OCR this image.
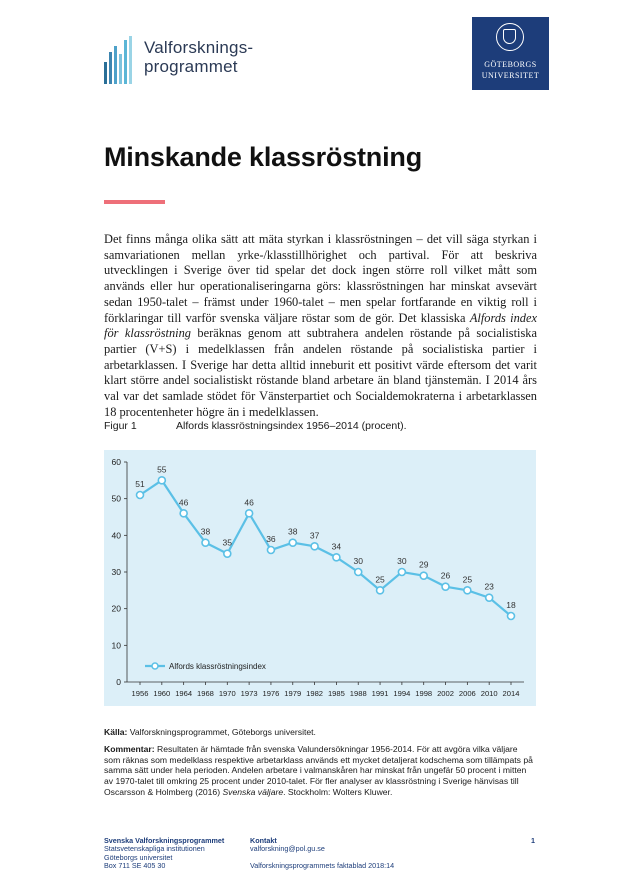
Valforsknings-
programmet	GÖTEBORGS
UNIVERSITET
Minskande klassröstning
Det finns många olika sätt att mäta styrkan i klassröstningen – det vill säga styrkan i samvariationen mellan yrke-/klasstillhörighet och partival. För att beskriva utvecklingen i Sverige över tid spelar det dock ingen större roll vilket mått som används eller hur operationaliseringarna görs: klassröstningen har minskat avsevärt sedan 1950-talet – främst under 1960-talet – men spelar fortfarande en viktig roll i förklaringar till varför svenska väljare röstar som de gör. Det klassiska Alfords index för klassröstning beräknas genom att subtrahera andelen röstande på socialistiska partier (V+S) i medelklassen från andelen röstande på socialistiska partier i arbetarklassen. I Sverige har detta alltid inneburit ett positivt värde eftersom det varit klart större andel socialistiskt röstande bland arbetare än bland tjänstemän. I 2014 års val var det samlade stödet för Vänsterpartiet och Socialdemokraterna i arbetarklassen 18 procentenheter högre än i medelklassen.
Figur 1	Alfords klassröstningsindex 1956–2014 (procent).
0
10
20
30
40
50
60
1956 1960 1964 1968 1970 1973 1976 1979 1982 1985 1988 1991 1994 1998 2002 2006 2010 2014
51
55
46
38
35
46
36
38 37
34
30
25
30 29
26 25
23
18
Alfords klassröstningsindex
Källa: Valforskningsprogrammet, Göteborgs universitet.
Kommentar: Resultaten är hämtade från svenska Valundersökningar 1956-2014. För att avgöra vilka väljare som räknas som medelklass respektive arbetarklass används ett mycket detaljerat kodschema som tillämpats på samma sätt under hela perioden. Andelen arbetare i valmanskåren har minskat från ungefär 50 procent i mitten av 1970-talet till omkring 25 procent under 2010-talet. För fler analyser av klassröstning i Sverige hänvisas till Oscarsson & Holmberg (2016) Svenska väljare. Stockholm: Wolters Kluwer.
Svenska Valforskningsprogrammet
Statsvetenskapliga institutionen
Göteborgs universitet
Box 711 SE 405 30
Kontakt
valforskning@pol.gu.se
Valforskningsprogrammets faktablad 2018:14
1
